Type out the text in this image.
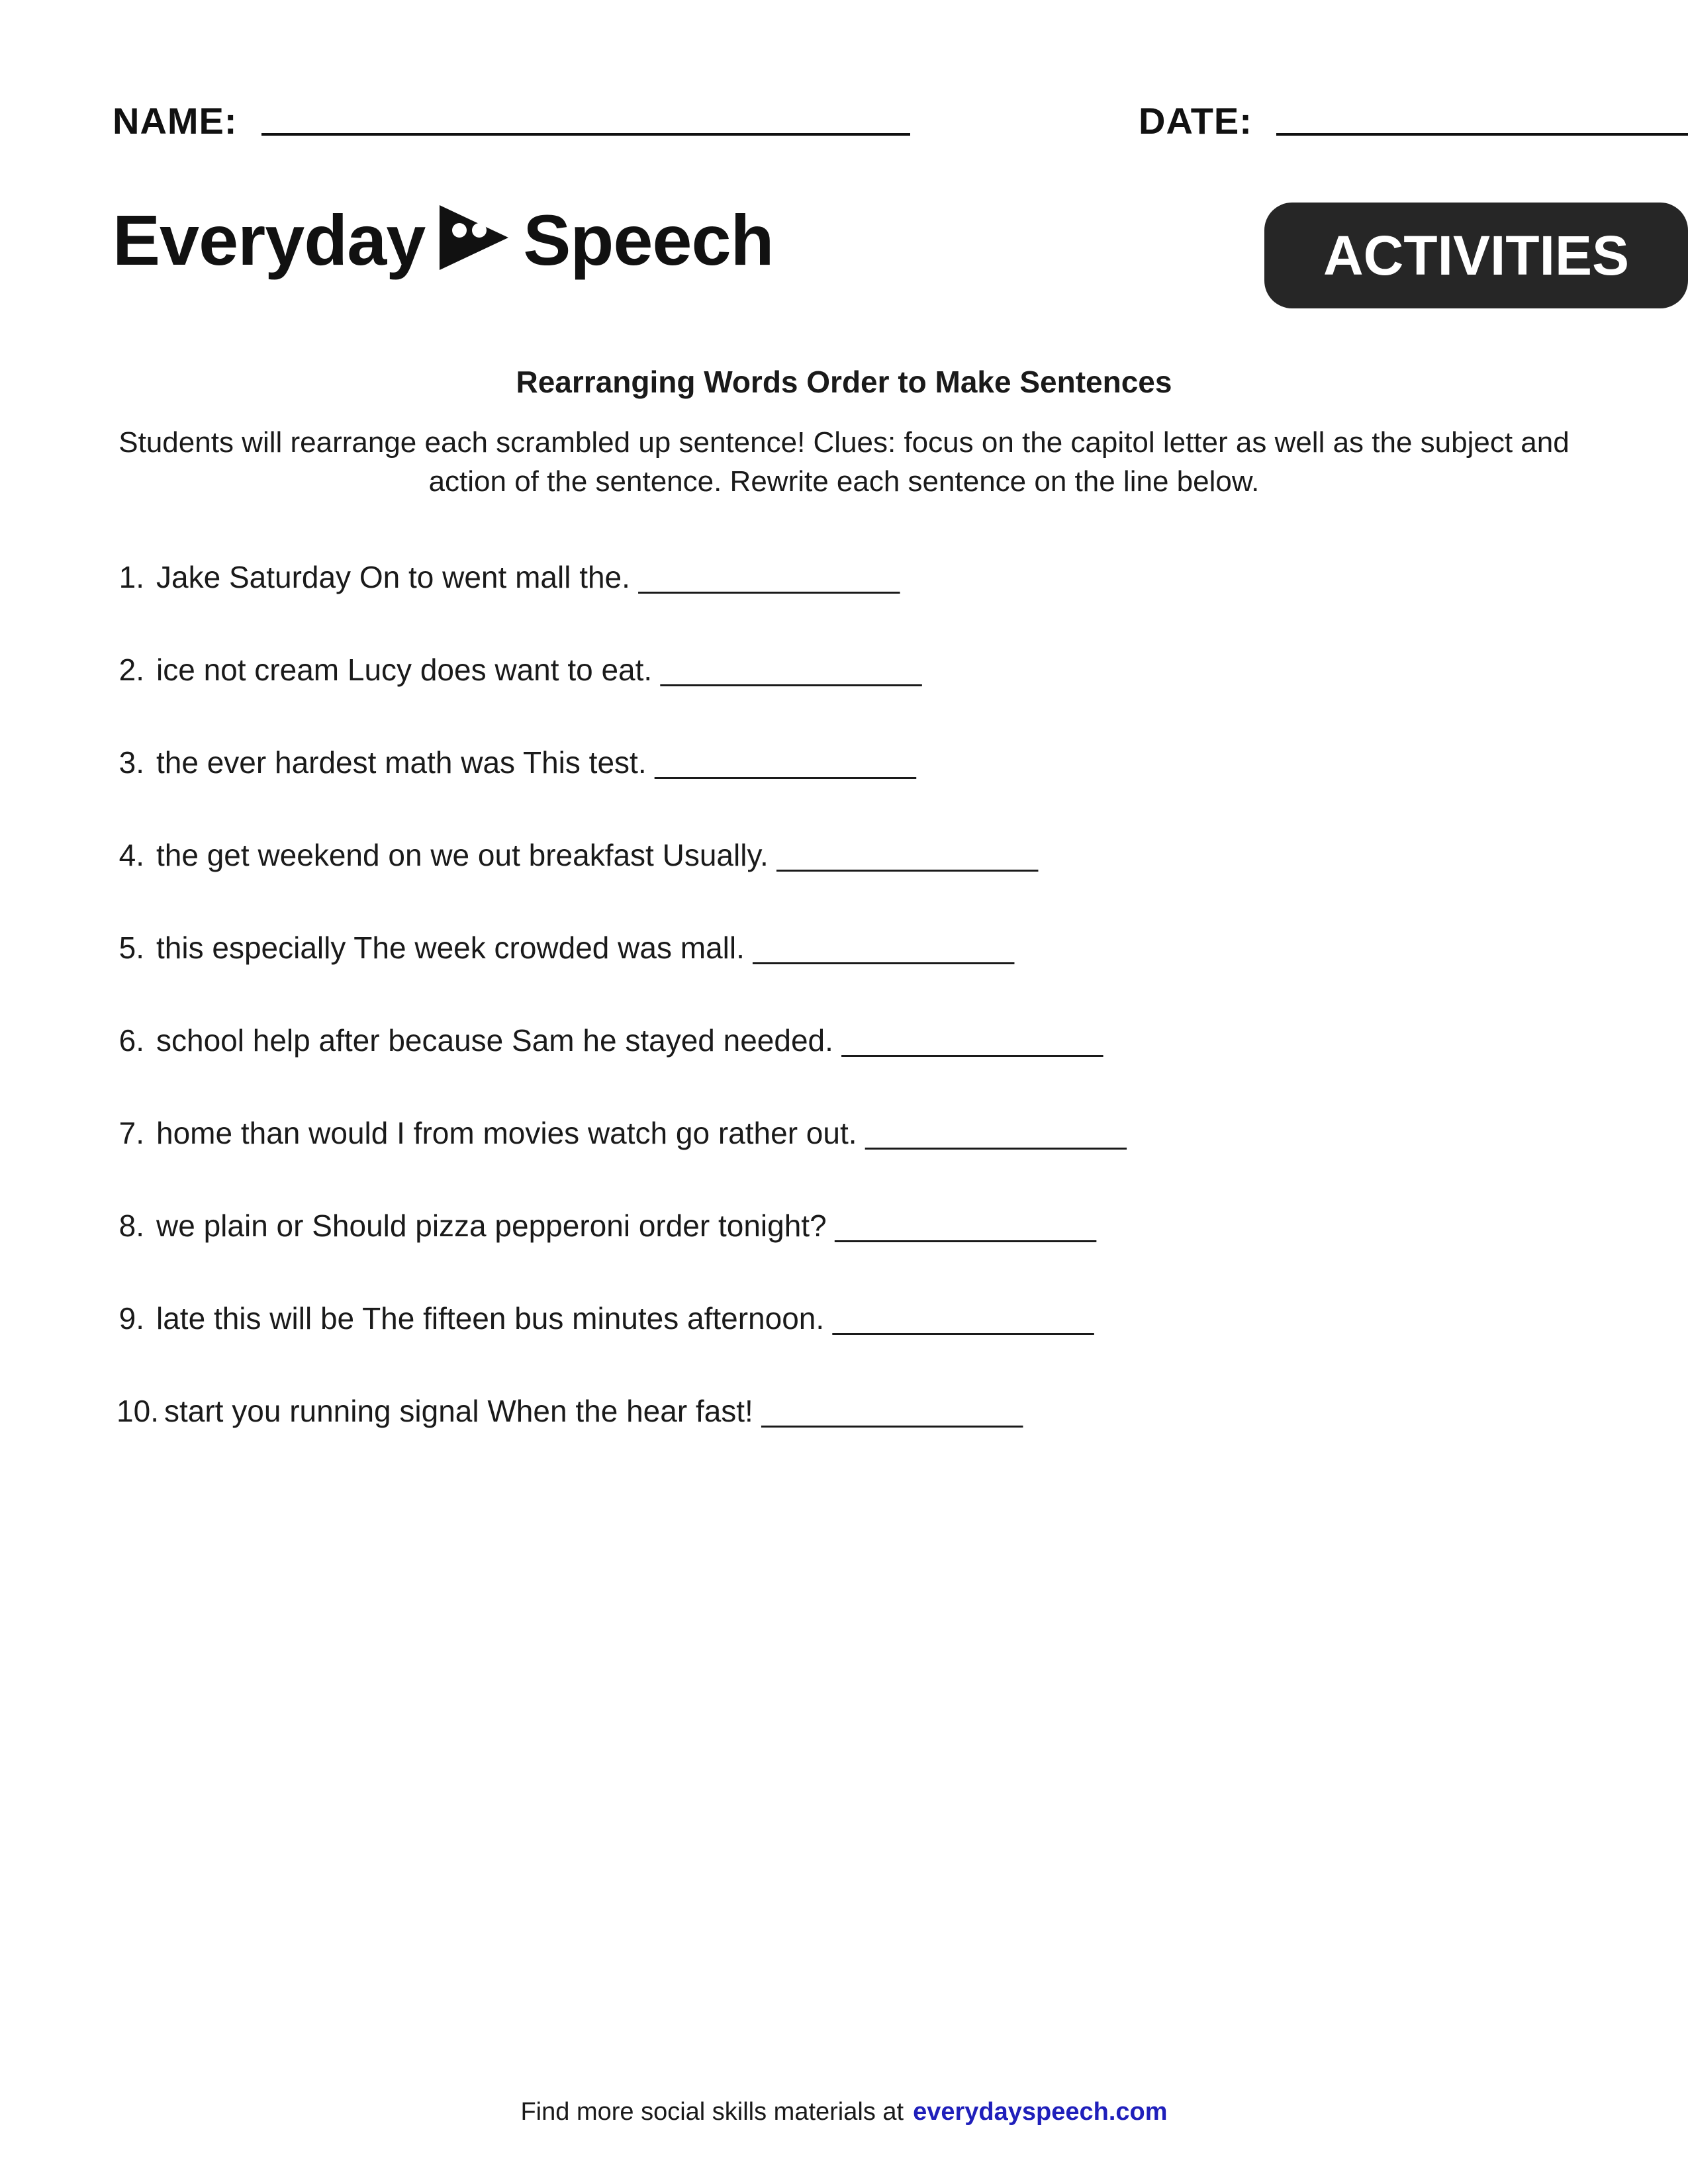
NAME:	DATE:
Everyday Speech	ACTIVITIES
Rearranging Words Order to Make Sentences
Students will rearrange each scrambled up sentence! Clues: focus on the capitol letter as well as the subject and action of the sentence. Rewrite each sentence on the line below.
1. Jake Saturday On to went mall the. ________________
2. ice not cream Lucy does want to eat. ________________
3. the ever hardest math was This test. ________________
4. the get weekend on we out breakfast Usually. ________________
5. this especially The week crowded was mall. ________________
6. school help after because Sam he stayed needed. ________________
7. home than would I from movies watch go rather out. ________________
8. we plain or Should pizza pepperoni order tonight? ________________
9. late this will be The fifteen bus minutes afternoon. ________________
10. start you running signal When the hear fast! ________________
Find more social skills materials at everydayspeech.com
